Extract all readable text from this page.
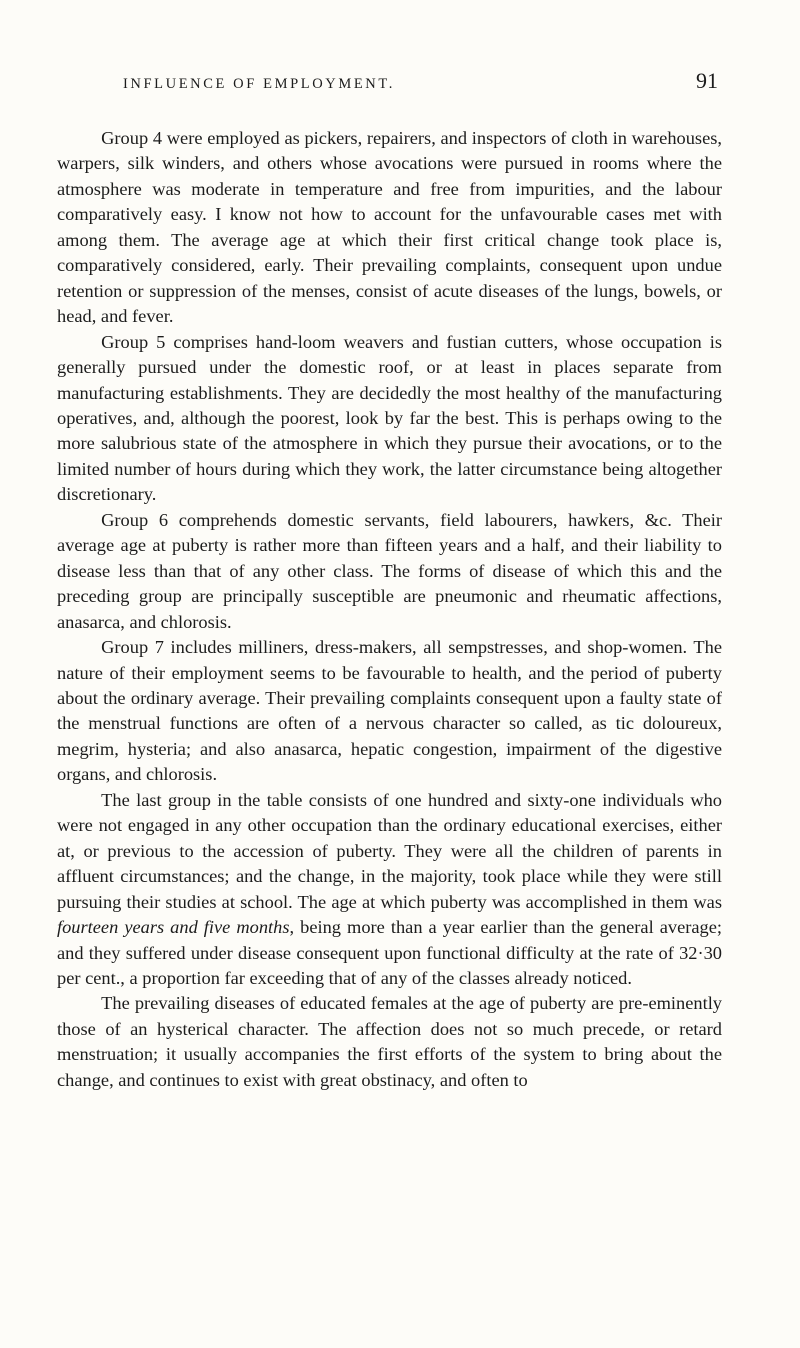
INFLUENCE OF EMPLOYMENT.	91

Group 4 were employed as pickers, repairers, and inspectors of cloth in warehouses, warpers, silk winders, and others whose avocations were pursued in rooms where the atmosphere was moderate in temperature and free from impurities, and the labour comparatively easy. I know not how to account for the unfavourable cases met with among them. The average age at which their first critical change took place is, comparatively considered, early. Their prevailing complaints, consequent upon undue retention or suppression of the menses, consist of acute diseases of the lungs, bowels, or head, and fever.

Group 5 comprises hand-loom weavers and fustian cutters, whose occupation is generally pursued under the domestic roof, or at least in places separate from manufacturing establishments. They are decidedly the most healthy of the manufacturing operatives, and, although the poorest, look by far the best. This is perhaps owing to the more salubrious state of the atmosphere in which they pursue their avocations, or to the limited number of hours during which they work, the latter circumstance being altogether discretionary.

Group 6 comprehends domestic servants, field labourers, hawkers, &c. Their average age at puberty is rather more than fifteen years and a half, and their liability to disease less than that of any other class. The forms of disease of which this and the preceding group are principally susceptible are pneumonic and rheumatic affections, anasarca, and chlorosis.

Group 7 includes milliners, dress-makers, all sempstresses, and shop-women. The nature of their employment seems to be favourable to health, and the period of puberty about the ordinary average. Their prevailing complaints consequent upon a faulty state of the menstrual functions are often of a nervous character so called, as tic doloureux, megrim, hysteria; and also anasarca, hepatic congestion, impairment of the digestive organs, and chlorosis.

The last group in the table consists of one hundred and sixty-one individuals who were not engaged in any other occupation than the ordinary educational exercises, either at, or previous to the accession of puberty. They were all the children of parents in affluent circumstances; and the change, in the majority, took place while they were still pursuing their studies at school. The age at which puberty was accomplished in them was fourteen years and five months, being more than a year earlier than the general average; and they suffered under disease consequent upon functional difficulty at the rate of 32·30 per cent., a proportion far exceeding that of any of the classes already noticed.

The prevailing diseases of educated females at the age of puberty are pre-eminently those of an hysterical character. The affection does not so much precede, or retard menstruation; it usually accompanies the first efforts of the system to bring about the change, and continues to exist with great obstinacy, and often to
